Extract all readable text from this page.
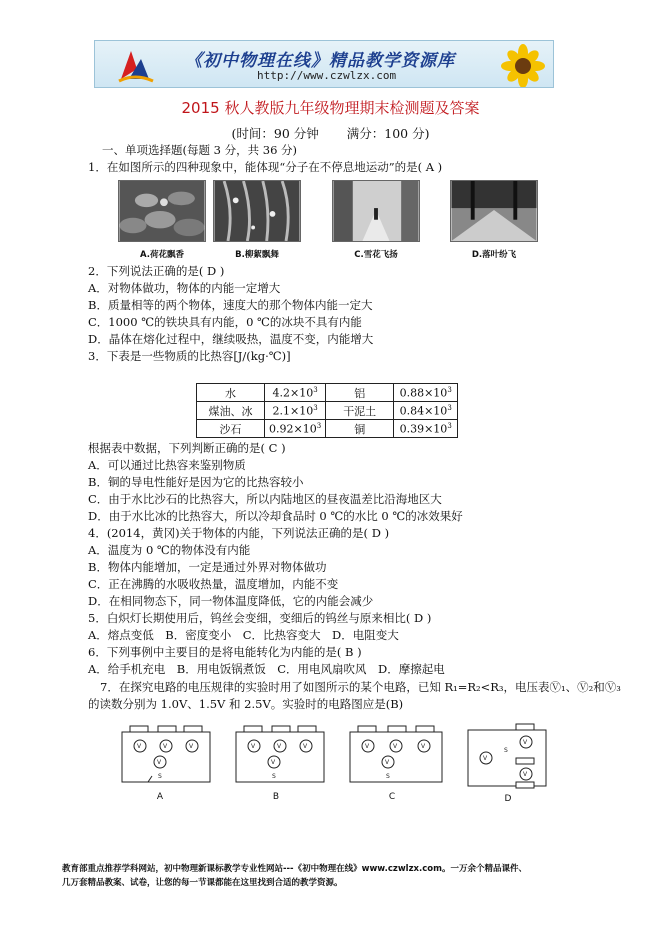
《初中物理在线》精品教学资源库
http://www.czwlzx.com
2015 秋人教版九年级物理期末检测题及答案
(时间：90 分钟 满分：100 分)
一、单项选择题(每题 3 分，共 36 分)
1．在如图所示的四种现象中，能体现“分子在不停息地运动”的是( A )
A.荷花飘香	B.柳絮飘舞	C.雪花飞扬	D.落叶纷飞
2．下列说法正确的是( D )
A．对物体做功，物体的内能一定增大
B．质量相等的两个物体，速度大的那个物体内能一定大
C．1000 ℃的铁块具有内能，0 ℃的冰块不具有内能
D．晶体在熔化过程中，继续吸热，温度不变，内能增大
3．下表是一些物质的比热容[J/(kg·℃)]
水	$4.2\times 10^3$	铝	$0.88\times 10^3$
煤油、冰	$2.1\times 10^3$	干泥土	$0.84\times 10^3$
沙石	$0.92\times 10^3$	铜	$0.39\times 10^3$
根据表中数据，下列判断正确的是( C )
A．可以通过比热容来鉴别物质
B．铜的导电性能好是因为它的比热容较小
C．由于水比沙石的比热容大，所以内陆地区的昼夜温差比沿海地区大
D．由于水比冰的比热容大，所以冷却食品时 0 ℃的水比 0 ℃的冰效果好
4．(2014，黄冈)关于物体的内能，下列说法正确的是( D )
A．温度为 0 ℃的物体没有内能
B．物体内能增加，一定是通过外界对物体做功
C．正在沸腾的水吸收热量，温度增加，内能不变
D．在相同物态下，同一物体温度降低，它的内能会减少
5．白炽灯长期使用后，钨丝会变细，变细后的钨丝与原来相比( D )
A．熔点变低　B．密度变小　C．比热容变大　D．电阻变大
6．下列事例中主要目的是将电能转化为内能的是( B )
A．给手机充电　B．用电饭锅煮饭　C．用电风扇吹风　D．摩擦起电
7．在探究电路的电压规律的实验时用了如图所示的某个电路，已知 R₁=R₂<R₃，电压表Ⓥ₁、Ⓥ₂和Ⓥ₃
的读数分别为 1.0V、1.5V 和 2.5V。实验时的电路图应是(B)
V	V	V
V
S
V	V	V
V
S
V	V	V
V
S
V
V
V
S
A	B	C	D
教育部重点推荐学科网站，初中物理新课标教学专业性网站---《初中物理在线》www.czwlzx.com。一万余个精品课件、
几万套精品教案、试卷，让您的每一节课都能在这里找到合适的教学资源。
